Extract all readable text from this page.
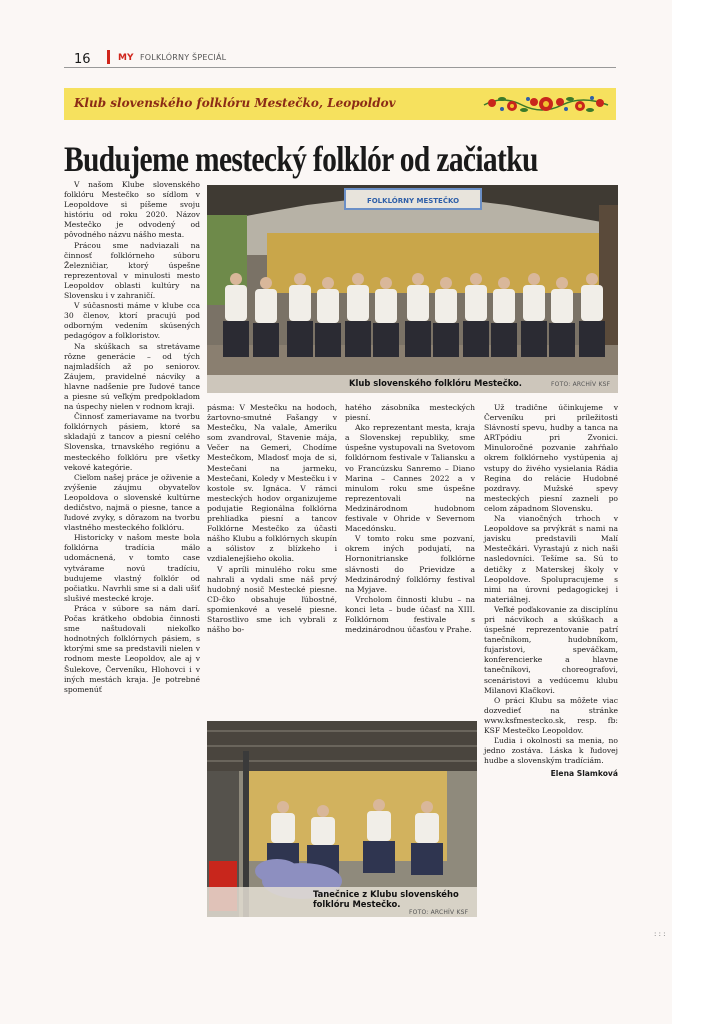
16	MY FOLKLÓRNY ŠPECIÁL
Klub slovenského folklóru Mestečko, Leopoldov
Budujeme mestecký folklór od začiatku

V našom Klube slovenského folklóru Mestečko so sídlom v Leopoldove si píšeme svoju históriu od roku 2020. Názov Mestečko je odvodený od pôvodného názvu nášho mesta.

Prácou sme nadviazali na činnosť folklórneho súboru Železničiar, ktorý úspešne reprezentoval v minulosti mesto Leopoldov oblasti kultúry na Slovensku i v zahraničí.

V súčasnosti máme v klube cca 30 členov, ktorí pracujú pod odborným vedením skúsených pedagógov a folkloristov.

Na skúškach sa stretávame rôzne generácie – od tých najmladších až po seniorov. Záujem, pravidelné nácviky a hlavne nadšenie pre ľudové tance a piesne sú veľkým predpokladom na úspechy nielen v rodnom kraji.

Činnosť zameriavame na tvorbu folklórnych pásiem, ktoré sa skladajú z tancov a piesní celého Slovenska, trnavského regiónu a mesteckého folklóru pre všetky vekové kategórie.

Cieľom našej práce je oživenie a zvýšenie záujmu obyvateľov Leopoldova o slovenské kultúrne dedičstvo, najmä o piesne, tance a ľudové zvyky, s dôrazom na tvorbu vlastného mesteckého folklóru.

Historicky v našom meste bola folklórna tradícia málo udomácnená, v tomto case vytvárame novú tradíciu, budujeme vlastný folklór od počiatku. Navrhli sme si a dali ušiť slušivé mestecké kroje.

Práca v súbore sa nám darí. Počas krátkeho obdobia činnosti sme naštudovali niekoľko hodnotných folklórnych pásiem, s ktorými sme sa predstavili nielen v rodnom meste Leopoldov, ale aj v Šulekove, Červeníku, Hlohovci i v iných mestách kraja. Je potrebné spomenúť

FOLKLÓRNY MESTEČKO
Klub slovenského folklóru Mestečko.	FOTO: ARCHÍV KSF

pásma: V Mestečku na hodoch, žartovno-smutné Fašangy v Mestečku, Na valale, Ameriku som zvandroval, Stavenie mája, Večer na Gemeri, Chodíme Mestečkom, Mladosť moja de si, Mestečani na jarmeku, Mestečani, Koledy v Mestečku i v kostole sv. Ignáca. V rámci mesteckých hodov organizujeme podujatie Regionálna folklórna prehliadka piesní a tancov Folklórne Mestečko za účasti nášho Klubu a folklórnych skupín a sólistov z blízkeho i vzdialenejšieho okolia.

V apríli minulého roku sme nahrali a vydali sme náš prvý hudobný nosič Mestecké piesne. CD-čko obsahuje ľúbostné, spomienkové a veselé piesne. Starostlivo sme ich vybrali z nášho bo-

hatého zásobníka mesteckých piesní.

Ako reprezentant mesta, kraja a Slovenskej republiky, sme úspešne vystupovali na Svetovom folklórnom festivale v Taliansku a vo Francúzsku Sanremo – Diano Marina – Cannes 2022 a v minulom roku sme úspešne reprezentovali na Medzinárodnom hudobnom festivale v Ohride v Severnom Macedónsku.

V tomto roku sme pozvaní, okrem iných podujatí, na Hornonitrianske folklórne slávnosti do Prievidze a Medzinárodný folklórny festival na Myjave.

Vrcholom činnosti klubu – na konci leta – bude účasť na XIII. Folklórnom festivale s medzinárodnou účasťou v Prahe.

Už tradične účinkujeme v Červeníku pri príležitosti Slávností spevu, hudby a tanca na ARTpódiu pri Zvonici. Minuloročné pozvanie zahŕňalo okrem folklórneho vystúpenia aj vstupy do živého vysielania Rádia Regina do relácie Hudobné pozdravy. Mužské spevy mesteckých piesní zazneli po celom západnom Slovensku.

Na vianočných trhoch v Leopoldove sa prvýkrát s nami na javisku predstavili Malí Mestečkári. Vyrastajú z nich naši nasledovníci. Tešíme sa. Sú to detičky z Materskej školy v Leopoldove. Spolupracujeme s nimi na úrovni pedagogickej i materiálnej.

Veľké poďakovanie za disciplínu pri nácvikoch a skúškach a úspešné reprezentovanie patrí tanečníkom, hudobníkom, fujaristovi, speváčkam, konferencierke a hlavne tanečníkovi, choreografovi, scenáristovi a vedúcemu klubu Milanovi Klačkovi.

O práci Klubu sa môžete viac dozvedieť na stránke www.ksfmestecko.sk, resp. fb: KSF Mestečko Leopoldov.

Ľudia i okolnosti sa menia, no jedno zostáva. Láska k ľudovej hudbe a slovenským tradíciám.

Elena Slamková

Tanečnice z Klubu slovenského folklóru Mestečko.
FOTO: ARCHÍV KSF
: : :
